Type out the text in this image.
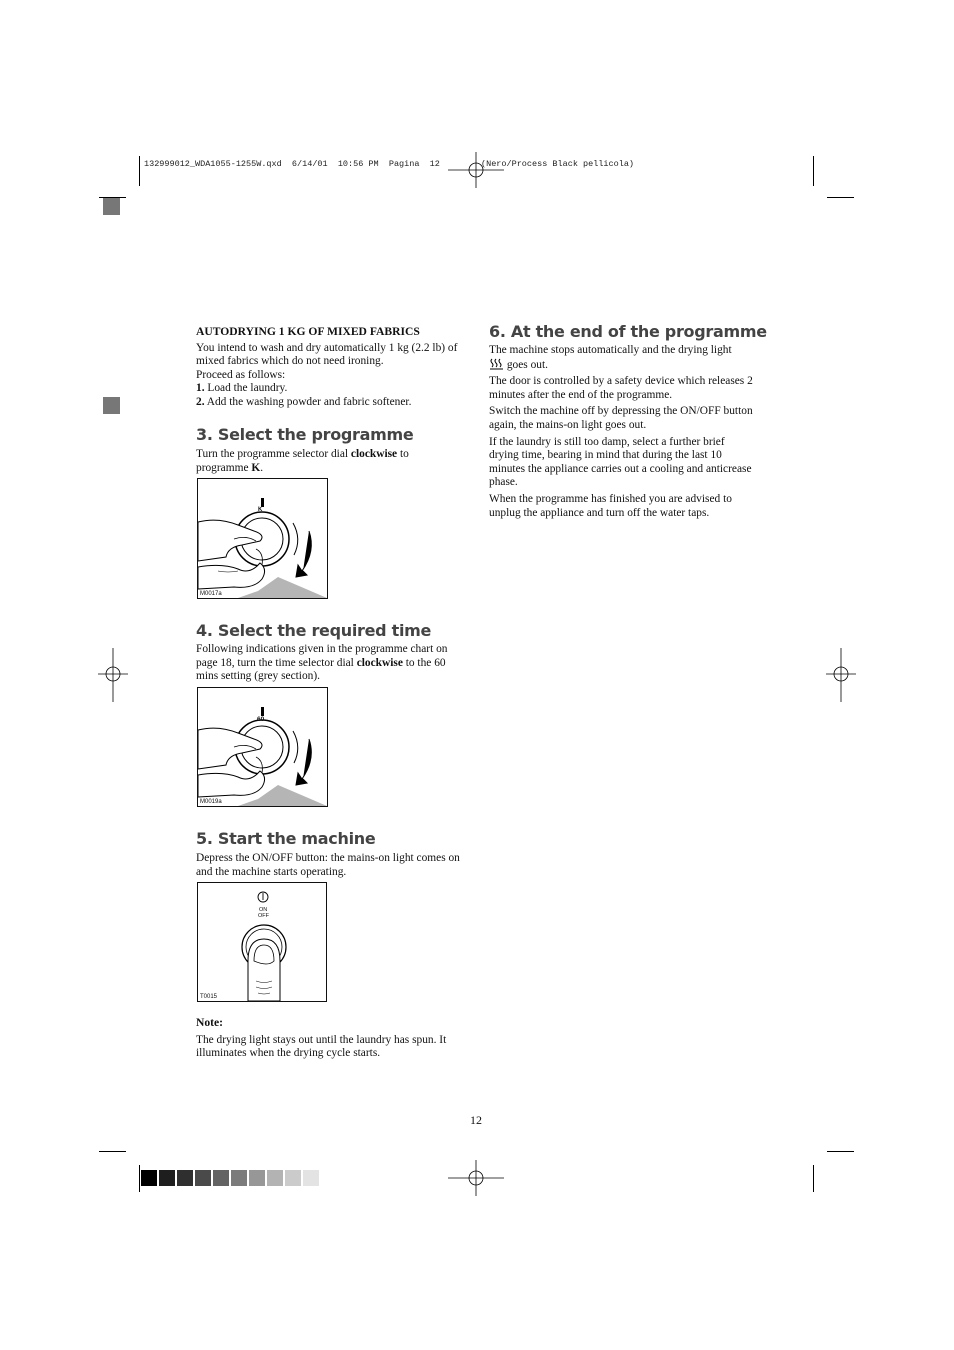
132999012_WDA1055-1255W.qxd  6/14/01  10:56 PM  Pagina  12	(Nero/Process Black pellicola)
AUTODRYING 1 KG OF MIXED FABRICS
You intend to wash and dry automatically 1 kg (2.2 lb) of mixed fabrics which do not need ironing.
Proceed as follows:
1. Load the laundry.
2. Add the washing powder and fabric softener.
3. Select the programme
Turn the programme selector dial clockwise to programme K.
K
M0017a
4. Select the required time
Following indications given in the programme chart on page 18, turn the time selector dial clockwise to the 60 mins setting (grey section).
60
M0019a
5. Start the machine
Depress the ON/OFF button: the mains-on light comes on and the machine starts operating.
ON
OFF
T0015
Note:
The drying light stays out until the laundry has spun. It illuminates when the drying cycle starts.
6. At the end of the programme

The machine stops automatically and the drying light
goes out.

The door is controlled by a safety device which releases 2 minutes after the end of the programme.

Switch the machine off by depressing the ON/OFF button again, the mains-on light goes out.

If the laundry is still too damp, select a further brief drying time, bearing in mind that during the last 10 minutes the appliance carries out a cooling and anticrease phase.

When the programme has finished you are advised to unplug the appliance and turn off the water taps.

12
